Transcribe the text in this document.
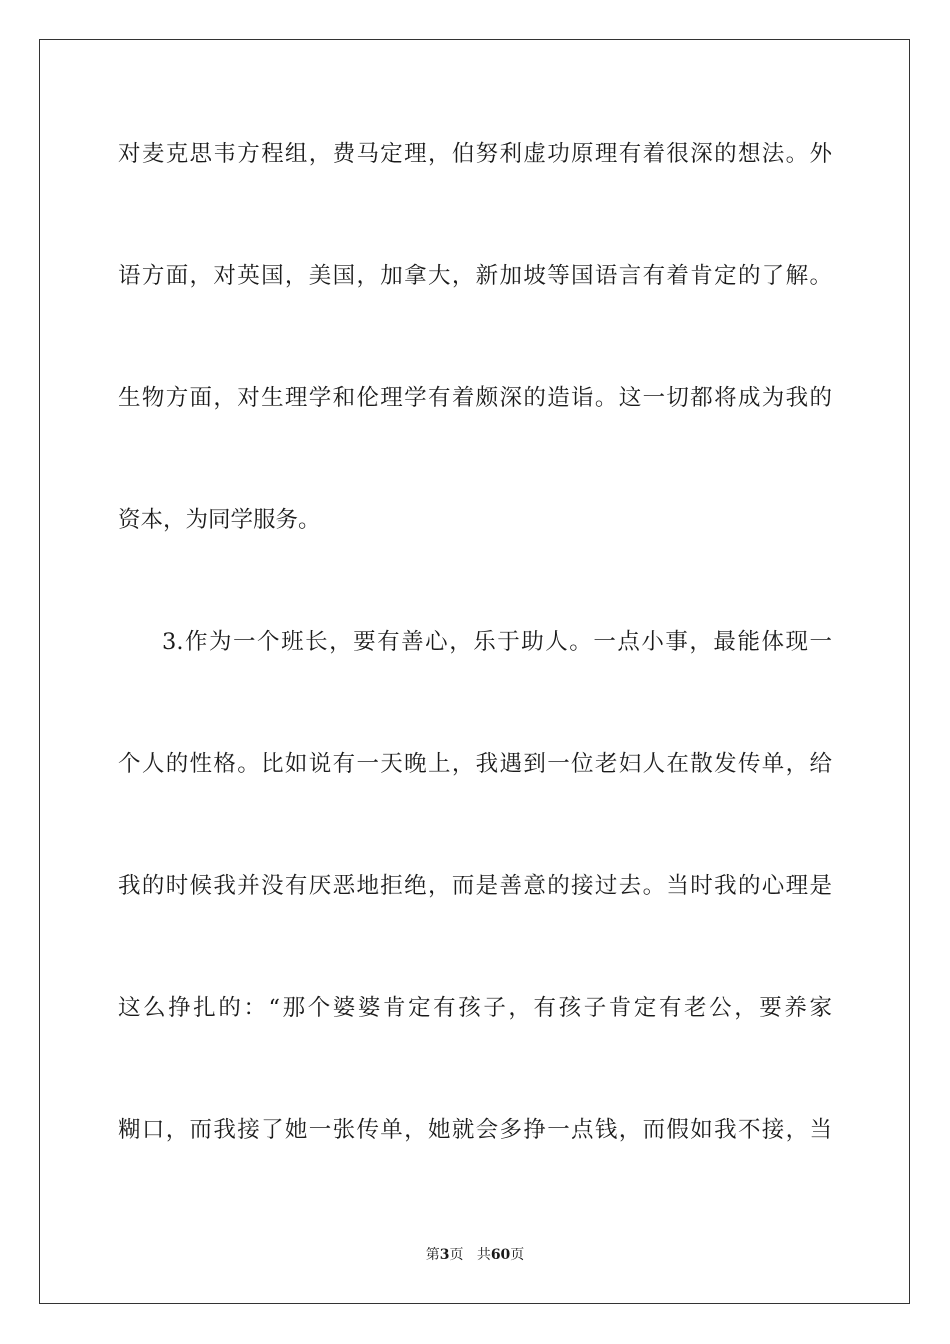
对麦克思韦方程组，费马定理，伯努利虚功原理有着很深的想法。外
语方面，对英国，美国，加拿大，新加坡等国语言有着肯定的了解。
生物方面，对生理学和伦理学有着颇深的造诣。这一切都将成为我的
资本，为同学服务。
3.作为一个班长，要有善心，乐于助人。一点小事，最能体现一
个人的性格。比如说有一天晚上，我遇到一位老妇人在散发传单，给
我的时候我并没有厌恶地拒绝，而是善意的接过去。当时我的心理是
这么挣扎的：“那个婆婆肯定有孩子，有孩子肯定有老公，要养家
糊口，而我接了她一张传单，她就会多挣一点钱，而假如我不接，当
第3页 共60页
